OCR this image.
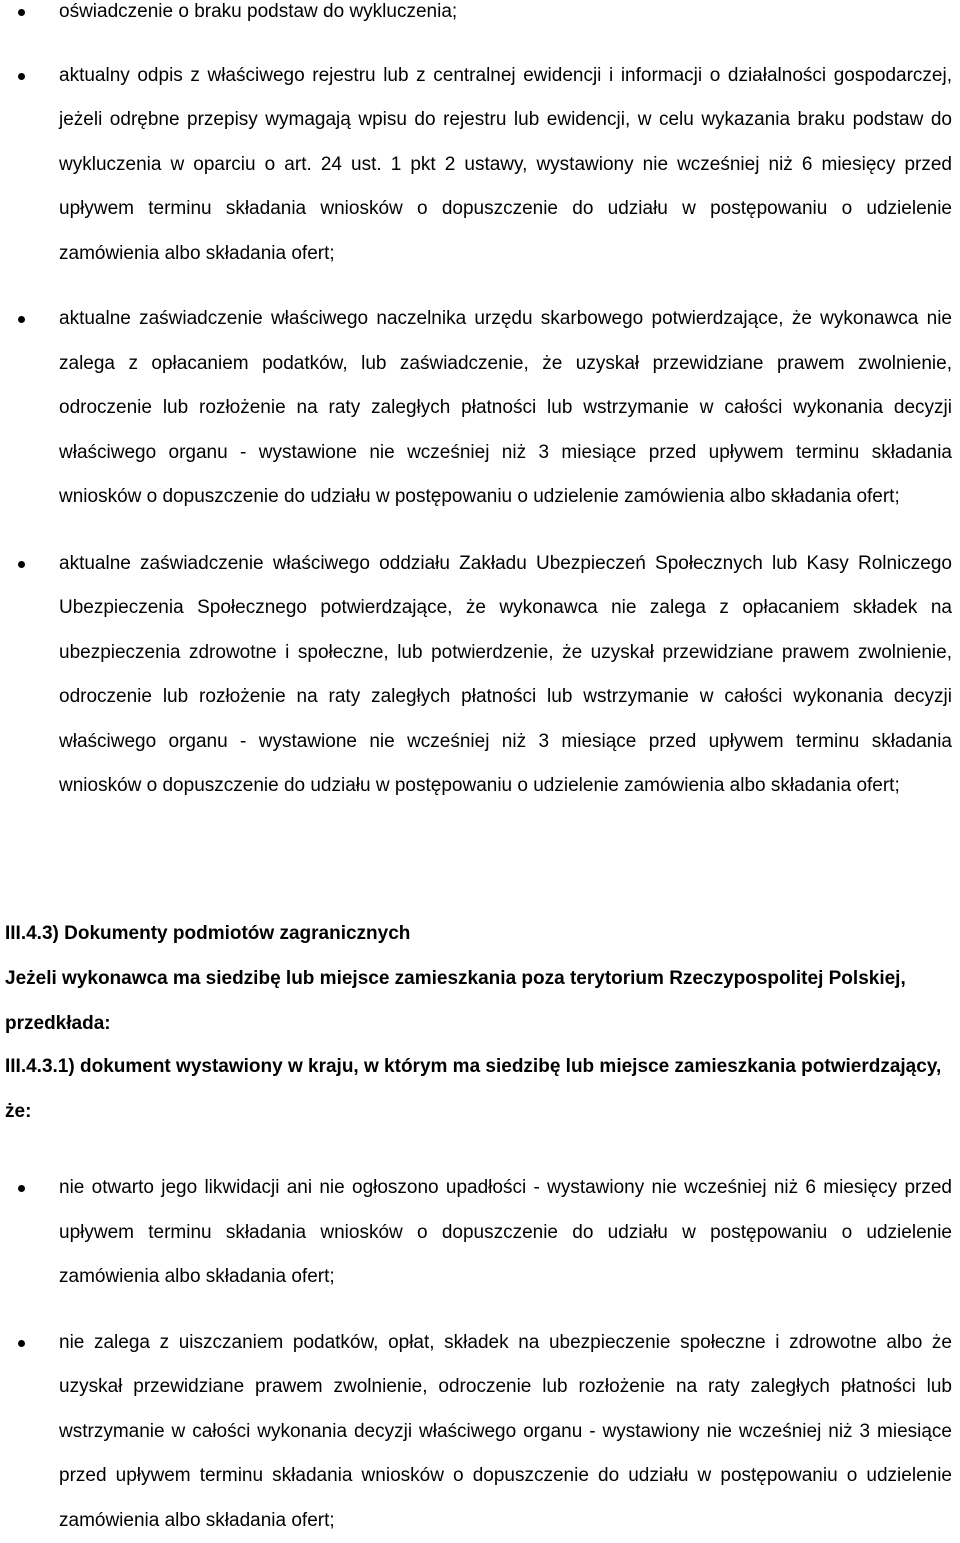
oświadczenie o braku podstaw do wykluczenia;
aktualny odpis z właściwego rejestru lub z centralnej ewidencji i informacji o działalności gospodarczej, jeżeli odrębne przepisy wymagają wpisu do rejestru lub ewidencji, w celu wykazania braku podstaw do wykluczenia w oparciu o art. 24 ust. 1 pkt 2 ustawy, wystawiony nie wcześniej niż 6 miesięcy przed upływem terminu składania wniosków o dopuszczenie do udziału w postępowaniu o udzielenie zamówienia albo składania ofert;
aktualne zaświadczenie właściwego naczelnika urzędu skarbowego potwierdzające, że wykonawca nie zalega z opłacaniem podatków, lub zaświadczenie, że uzyskał przewidziane prawem zwolnienie, odroczenie lub rozłożenie na raty zaległych płatności lub wstrzymanie w całości wykonania decyzji właściwego organu - wystawione nie wcześniej niż 3 miesiące przed upływem terminu składania wniosków o dopuszczenie do udziału w postępowaniu o udzielenie zamówienia albo składania ofert;
aktualne zaświadczenie właściwego oddziału Zakładu Ubezpieczeń Społecznych lub Kasy Rolniczego Ubezpieczenia Społecznego potwierdzające, że wykonawca nie zalega z opłacaniem składek na ubezpieczenia zdrowotne i społeczne, lub potwierdzenie, że uzyskał przewidziane prawem zwolnienie, odroczenie lub rozłożenie na raty zaległych płatności lub wstrzymanie w całości wykonania decyzji właściwego organu - wystawione nie wcześniej niż 3 miesiące przed upływem terminu składania wniosków o dopuszczenie do udziału w postępowaniu o udzielenie zamówienia albo składania ofert;
III.4.3) Dokumenty podmiotów zagranicznych
Jeżeli wykonawca ma siedzibę lub miejsce zamieszkania poza terytorium Rzeczypospolitej Polskiej, przedkłada:
III.4.3.1) dokument wystawiony w kraju, w którym ma siedzibę lub miejsce zamieszkania potwierdzający, że:
nie otwarto jego likwidacji ani nie ogłoszono upadłości - wystawiony nie wcześniej niż 6 miesięcy przed upływem terminu składania wniosków o dopuszczenie do udziału w postępowaniu o udzielenie zamówienia albo składania ofert;
nie zalega z uiszczaniem podatków, opłat, składek na ubezpieczenie społeczne i zdrowotne albo że uzyskał przewidziane prawem zwolnienie, odroczenie lub rozłożenie na raty zaległych płatności lub wstrzymanie w całości wykonania decyzji właściwego organu - wystawiony nie wcześniej niż 3 miesiące przed upływem terminu składania wniosków o dopuszczenie do udziału w postępowaniu o udzielenie zamówienia albo składania ofert;
